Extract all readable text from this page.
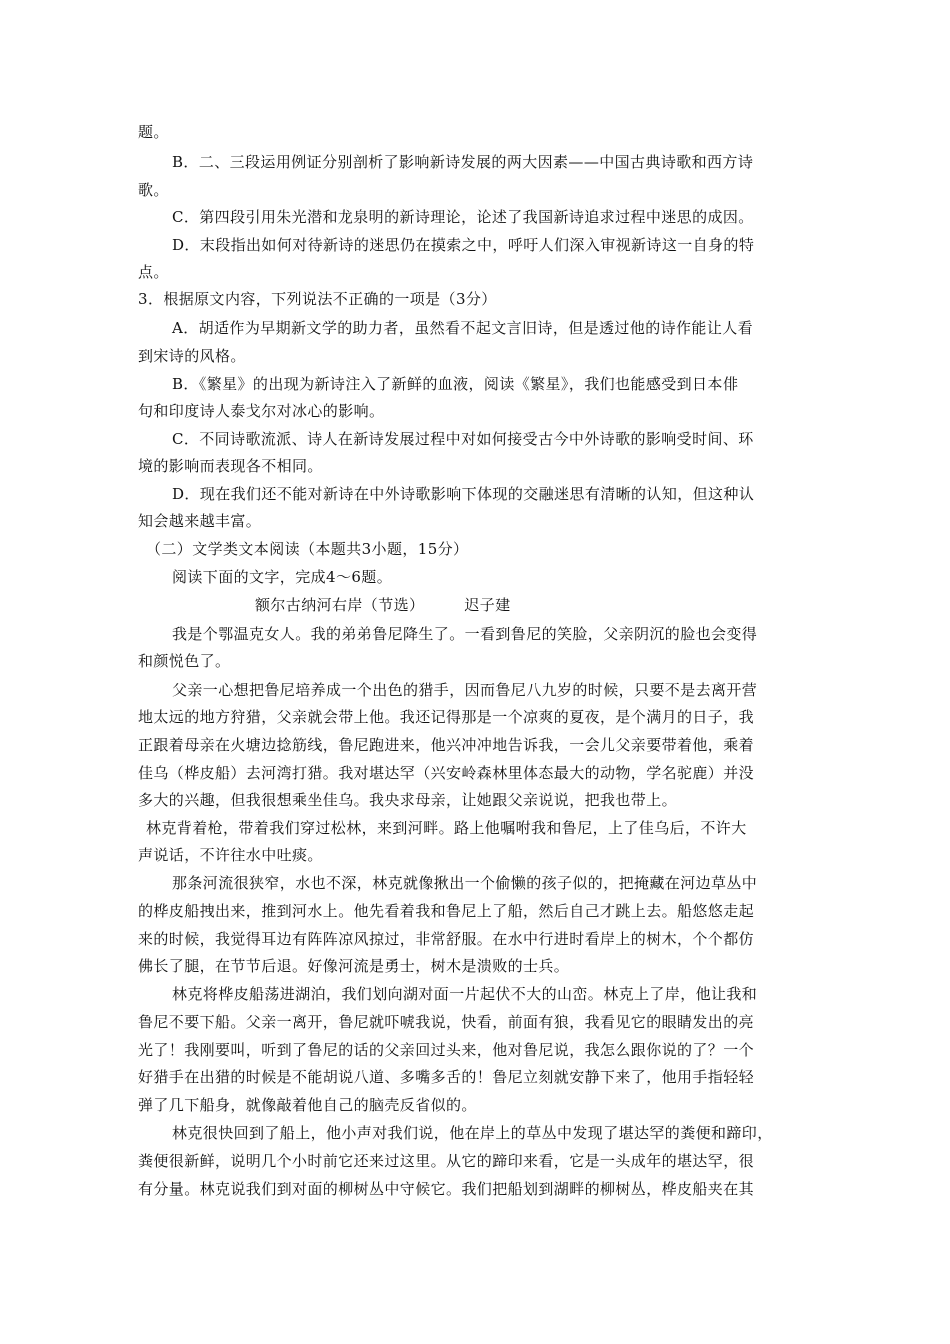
题。
B．二、三段运用例证分别剖析了影响新诗发展的两大因素——中国古典诗歌和西方诗
歌。
C．第四段引用朱光潜和龙泉明的新诗理论，论述了我国新诗追求过程中迷思的成因。
D．末段指出如何对待新诗的迷思仍在摸索之中，呼吁人们深入审视新诗这一自身的特
点。
3．根据原文内容，下列说法不正确的一项是（3分）
A．胡适作为早期新文学的助力者，虽然看不起文言旧诗，但是透过他的诗作能让人看
到宋诗的风格。
B．《繁星》的出现为新诗注入了新鲜的血液，阅读《繁星》，我们也能感受到日本俳
句和印度诗人泰戈尔对冰心的影响。
C．不同诗歌流派、诗人在新诗发展过程中对如何接受古今中外诗歌的影响受时间、环
境的影响而表现各不相同。
D．现在我们还不能对新诗在中外诗歌影响下体现的交融迷思有清晰的认知，但这种认
知会越来越丰富。
（二）文学类文本阅读（本题共3小题，15分）
阅读下面的文字，完成4～6题。
额尔古纳河右岸（节选）	迟子建
我是个鄂温克女人。我的弟弟鲁尼降生了。一看到鲁尼的笑脸，父亲阴沉的脸也会变得
和颜悦色了。
父亲一心想把鲁尼培养成一个出色的猎手，因而鲁尼八九岁的时候，只要不是去离开营
地太远的地方狩猎，父亲就会带上他。我还记得那是一个凉爽的夏夜，是个满月的日子，我
正跟着母亲在火塘边捻筋线，鲁尼跑进来，他兴冲冲地告诉我，一会儿父亲要带着他，乘着
佳乌（桦皮船）去河湾打猎。我对堪达罕（兴安岭森林里体态最大的动物，学名驼鹿）并没
多大的兴趣，但我很想乘坐佳乌。我央求母亲，让她跟父亲说说，把我也带上。
林克背着枪，带着我们穿过松林，来到河畔。路上他嘱咐我和鲁尼，上了佳乌后，不许大
声说话，不许往水中吐痰。
那条河流很狭窄，水也不深，林克就像揪出一个偷懒的孩子似的，把掩藏在河边草丛中
的桦皮船拽出来，推到河水上。他先看着我和鲁尼上了船，然后自己才跳上去。船悠悠走起
来的时候，我觉得耳边有阵阵凉风掠过，非常舒服。在水中行进时看岸上的树木，个个都仿
佛长了腿，在节节后退。好像河流是勇士，树木是溃败的士兵。
林克将桦皮船荡进湖泊，我们划向湖对面一片起伏不大的山峦。林克上了岸，他让我和
鲁尼不要下船。父亲一离开，鲁尼就吓唬我说，快看，前面有狼，我看见它的眼睛发出的亮
光了！我刚要叫，听到了鲁尼的话的父亲回过头来，他对鲁尼说，我怎么跟你说的了？一个
好猎手在出猎的时候是不能胡说八道、多嘴多舌的！鲁尼立刻就安静下来了，他用手指轻轻
弹了几下船身，就像敲着他自己的脑壳反省似的。
林克很快回到了船上，他小声对我们说，他在岸上的草丛中发现了堪达罕的粪便和蹄印，
粪便很新鲜，说明几个小时前它还来过这里。从它的蹄印来看，它是一头成年的堪达罕，很
有分量。林克说我们到对面的柳树丛中守候它。我们把船划到湖畔的柳树丛，桦皮船夹在其
